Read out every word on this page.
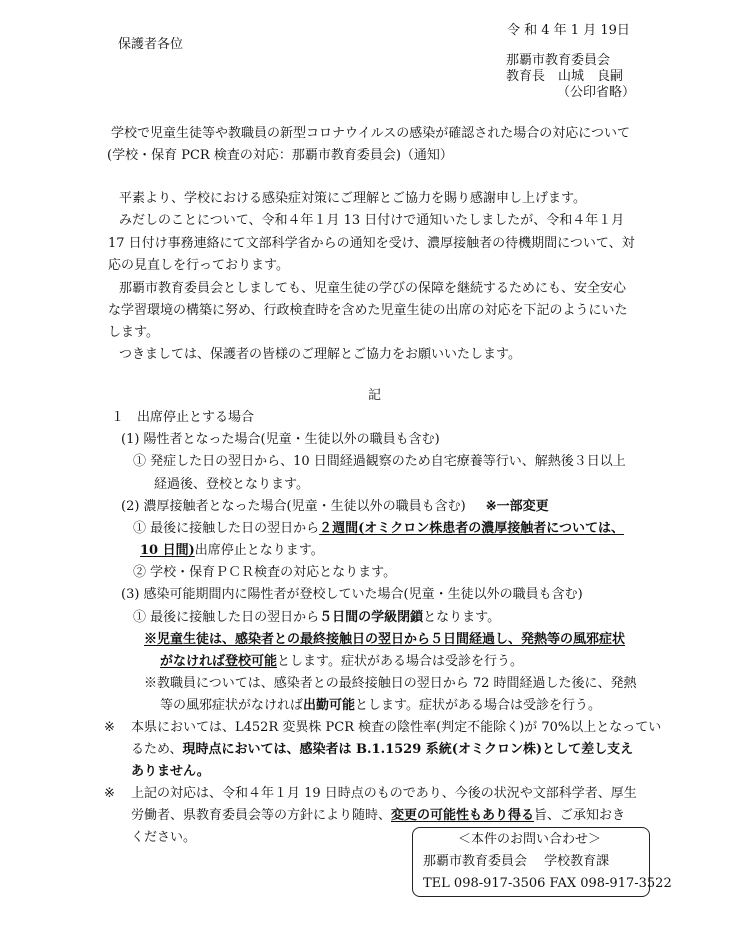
保護者各位
令 和 4 年 1 月 19日
那覇市教育委員会
教育長　山城　良嗣
（公印省略）
学校で児童生徒等や教職員の新型コロナウイルスの感染が確認された場合の対応について
(学校・保育 PCR 検査の対応：那覇市教育委員会)（通知）
平素より、学校における感染症対策にご理解とご協力を賜り感謝申し上げます。
みだしのことについて、令和４年１月 13 日付けで通知いたしましたが、令和４年１月
17 日付け事務連絡にて文部科学省からの通知を受け、濃厚接触者の待機期間について、対
応の見直しを行っております。
那覇市教育委員会としましても、児童生徒の学びの保障を継続するためにも、安全安心
な学習環境の構築に努め、行政検査時を含めた児童生徒の出席の対応を下記のようにいた
します。
つきましては、保護者の皆様のご理解とご協力をお願いいたします。
記
１　出席停止とする場合
(1) 陽性者となった場合(児童・生徒以外の職員も含む)
① 発症した日の翌日から、10 日間経過観察のため自宅療養等行い、解熱後３日以上
経過後、登校となります。
(2) 濃厚接触者となった場合(児童・生徒以外の職員も含む) ※一部変更
① 最後に接触した日の翌日から２週間(オミクロン株患者の濃厚接触者については、
10 日間)出席停止となります。
② 学校・保育ＰＣＲ検査の対応となります。
(3) 感染可能期間内に陽性者が登校していた場合(児童・生徒以外の職員も含む)
① 最後に接触した日の翌日から５日間の学級閉鎖となります。
※児童生徒は、感染者との最終接触日の翌日から５日間経過し、発熱等の風邪症状
がなければ登校可能とします。症状がある場合は受診を行う。
※教職員については、感染者との最終接触日の翌日から 72 時間経過した後に、発熱
等の風邪症状がなければ出勤可能とします。症状がある場合は受診を行う。
※ 本県においては、L452R 変異株 PCR 検査の陰性率(判定不能除く)が 70%以上となってい
るため、現時点においては、感染者は B.1.1529 系統(オミクロン株)として差し支え
ありません。
※ 上記の対応は、令和４年１月 19 日時点のものであり、今後の状況や文部科学者、厚生
労働者、県教育委員会等の方針により随時、変更の可能性もあり得る旨、ご承知おき
ください。	＜本件のお問い合わせ＞
那覇市教育委員会　 学校教育課
TEL 098-917-3506 FAX 098-917-3522
